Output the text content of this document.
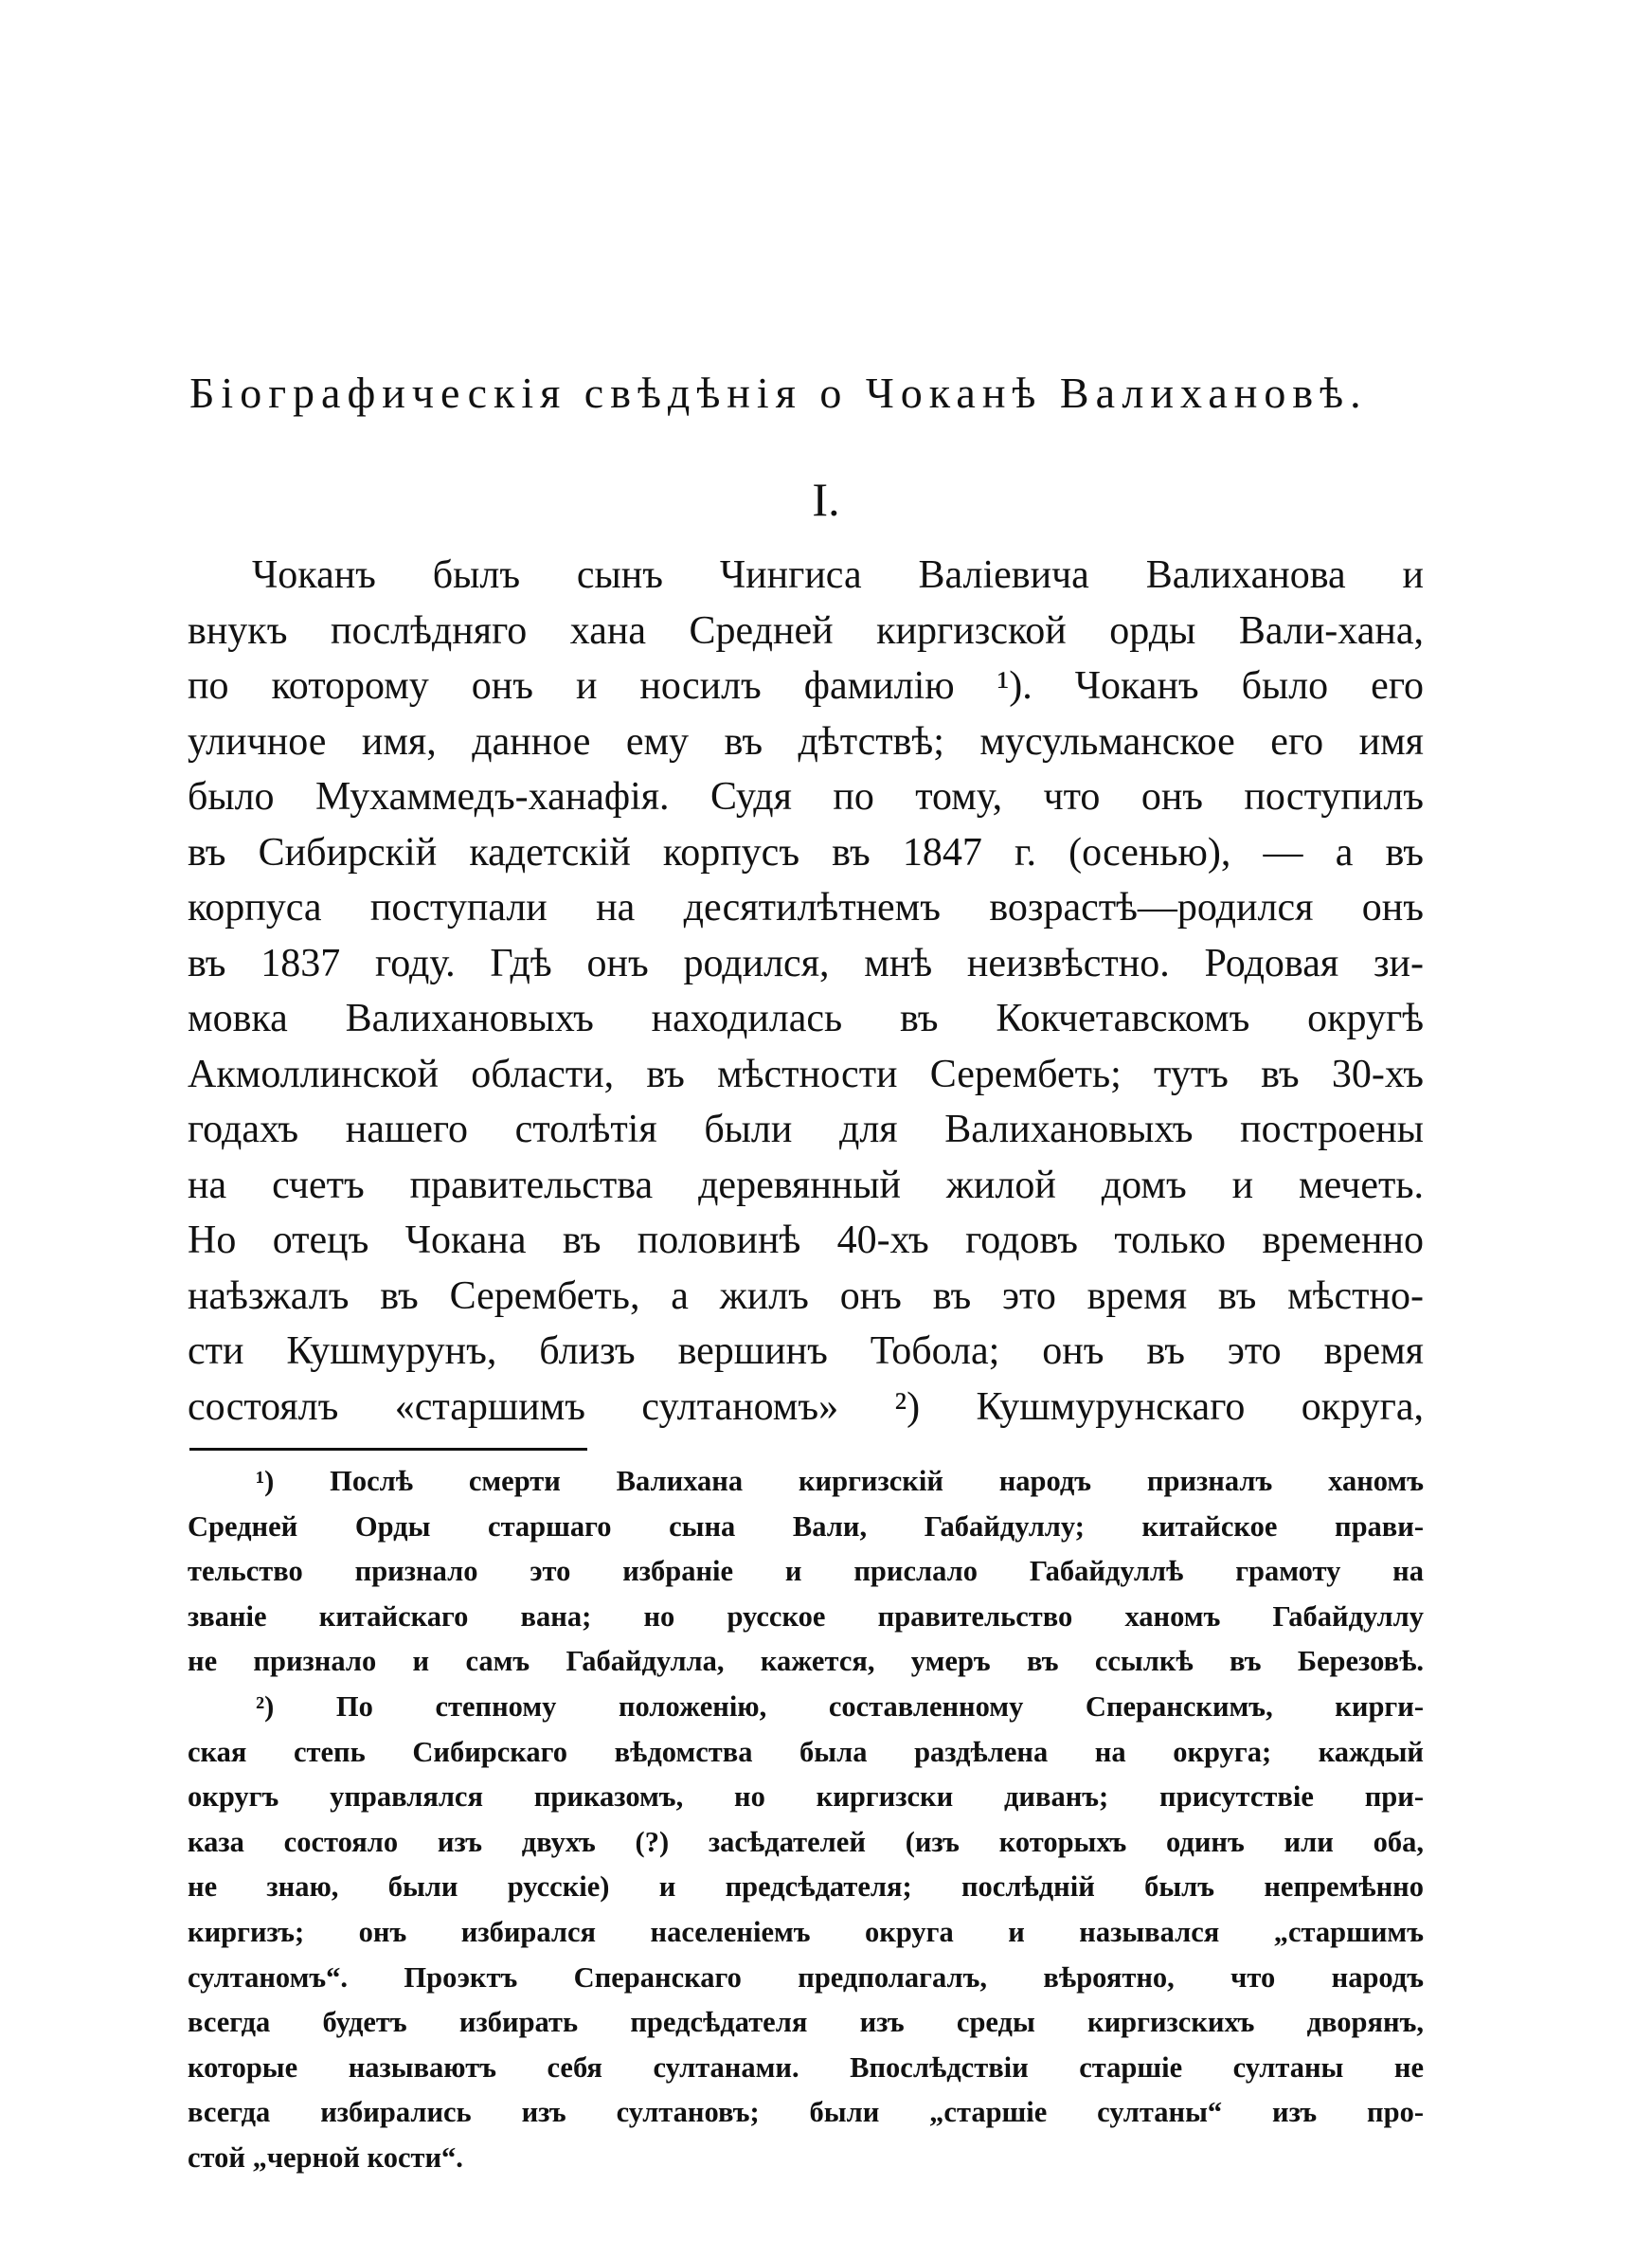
Біографическія свѣдѣнія о Чоканѣ Валихановѣ.
I.
Чоканъ былъ сынъ Чингиса Валіевича Валиханова и
внукъ послѣдняго хана Средней киргизской орды Вали-хана,
по которому онъ и носилъ фамилію ¹). Чоканъ было его
уличное имя, данное ему въ дѣтствѣ; мусульманское его имя
было Мухаммедъ-ханафія. Судя по тому, что онъ поступилъ
въ Сибирскій кадетскій корпусъ въ 1847 г. (осенью), — а въ
корпуса поступали на десятилѣтнемъ возрастѣ—родился онъ
въ 1837 году. Гдѣ онъ родился, мнѣ неизвѣстно. Родовая зи-
мовка Валихановыхъ находилась въ Кокчетавскомъ округѣ
Акмоллинской области, въ мѣстности Серембеть; тутъ въ 30-хъ
годахъ нашего столѣтія были для Валихановыхъ построены
на счетъ правительства деревянный жилой домъ и мечеть.
Но отецъ Чокана въ половинѣ 40-хъ годовъ только временно
наѣзжалъ въ Серембеть, а жилъ онъ въ это время въ мѣстно-
сти Кушмурунъ, близъ вершинъ Тобола; онъ въ это время
состоялъ «старшимъ султаномъ» ²) Кушмурунскаго округа,
¹) Послѣ смерти Валихана киргизскій народъ призналъ ханомъ
Средней Орды старшаго сына Вали, Габайдуллу; китайское прави-
тельство признало это избраніе и прислало Габайдуллѣ грамоту на
званіе китайскаго вана; но русское правительство ханомъ Габайдуллу
не признало и самъ Габайдулла, кажется, умеръ въ ссылкѣ въ Березовѣ.
²) По степному положенію, составленному Сперанскимъ, кирги-
ская степь Сибирскаго вѣдомства была раздѣлена на округа; каждый
округъ управлялся приказомъ, но киргизски диванъ; присутствіе при-
каза состояло изъ двухъ (?) засѣдателей (изъ которыхъ одинъ или оба,
не знаю, были русскіе) и предсѣдателя; послѣдній былъ непремѣнно
киргизъ; онъ избирался населеніемъ округа и назывался „старшимъ
султаномъ“. Проэктъ Сперанскаго предполагалъ, вѣроятно, что народъ
всегда будетъ избирать предсѣдателя изъ среды киргизскихъ дворянъ,
которые называютъ себя султанами. Впослѣдствіи старшіе султаны не
всегда избирались изъ султановъ; были „старшіе султаны“ изъ про-
стой „черной кости“.
